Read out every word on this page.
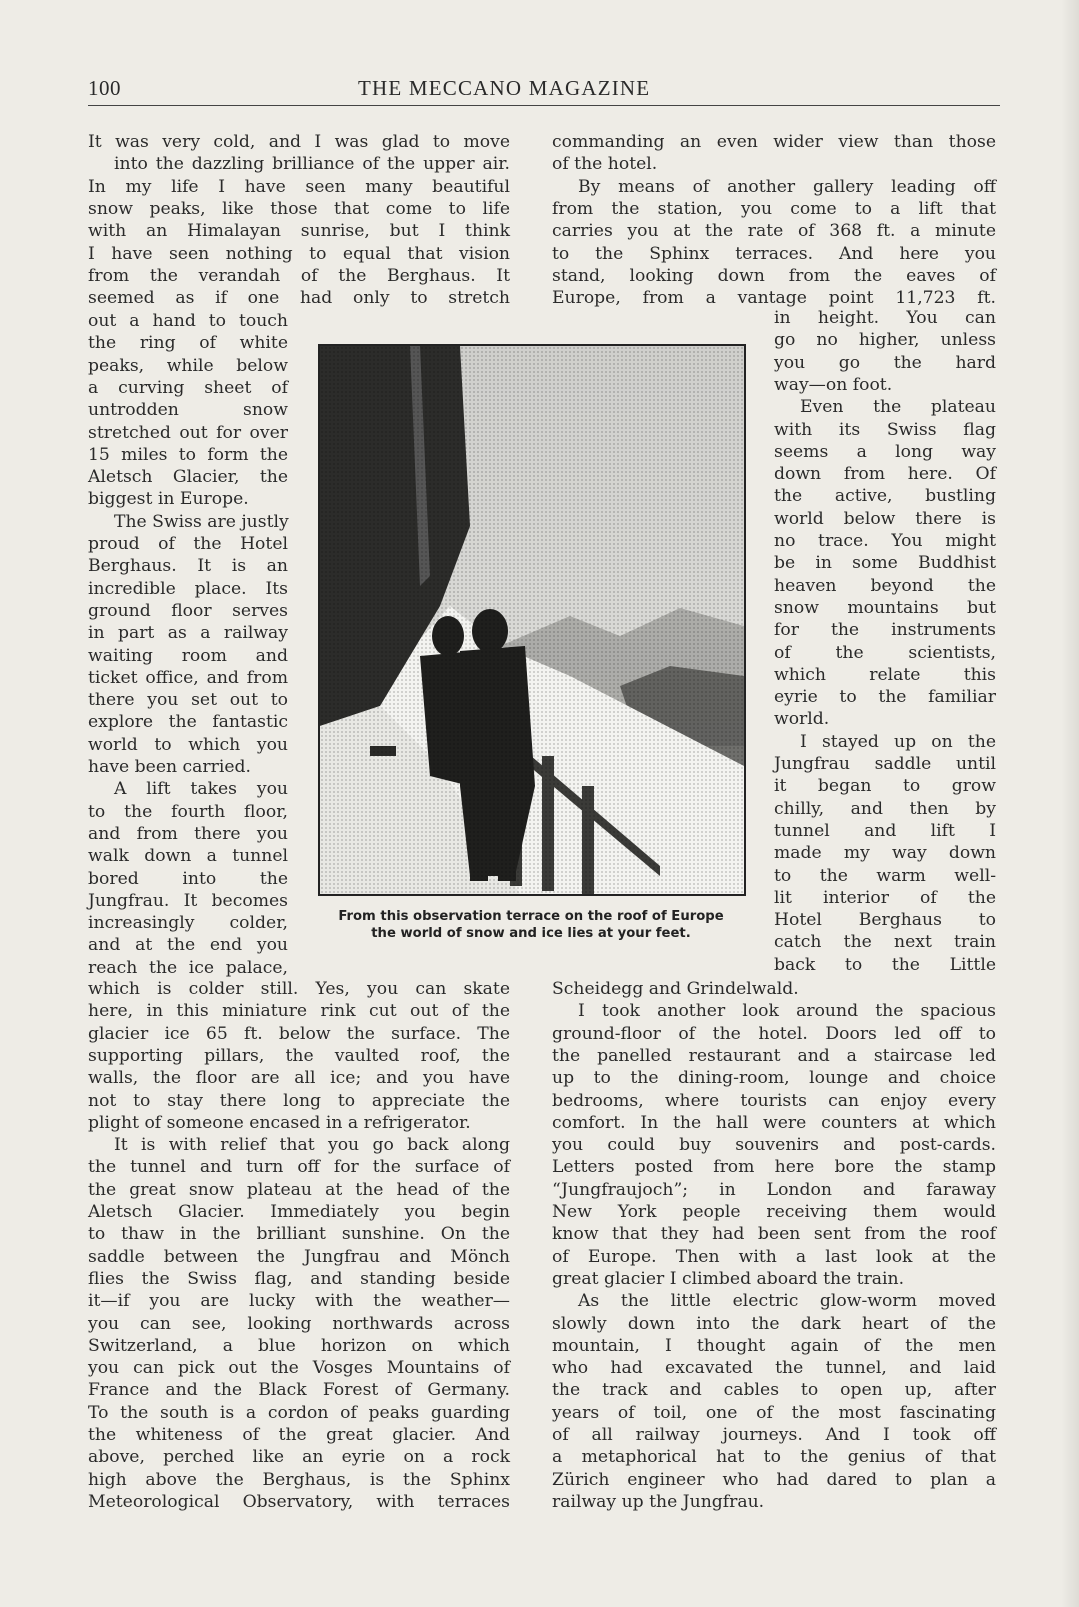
100	THE MECCANO MAGAZINE
It was very cold, and I was glad to move
into the dazzling brilliance of the upper air.
In my life I have seen many beautiful
snow peaks, like those that come to life
with an Himalayan sunrise, but I think
I have seen nothing to equal that vision
from the verandah of the Berghaus. It
seemed as if one had only to stretch
out a hand to touch
the ring of white
peaks, while below
a curving sheet of
untrodden snow
stretched out for over
15 miles to form the
Aletsch Glacier, the
biggest in Europe.
The Swiss are justly
proud of the Hotel
Berghaus. It is an
incredible place. Its
ground floor serves
in part as a railway
waiting room and
ticket office, and from
there you set out to
explore the fantastic
world to which you
have been carried.
A lift takes you
to the fourth floor,
and from there you
walk down a tunnel
bored into the
Jungfrau. It becomes
increasingly colder,
and at the end you
reach the ice palace,
which is colder still. Yes, you can skate
here, in this miniature rink cut out of the
glacier ice 65 ft. below the surface. The
supporting pillars, the vaulted roof, the
walls, the floor are all ice; and you have
not to stay there long to appreciate the
plight of someone encased in a refrigerator.
It is with relief that you go back along
the tunnel and turn off for the surface of
the great snow plateau at the head of the
Aletsch Glacier. Immediately you begin
to thaw in the brilliant sunshine. On the
saddle between the Jungfrau and Mönch
flies the Swiss flag, and standing beside
it—if you are lucky with the weather—
you can see, looking northwards across
Switzerland, a blue horizon on which
you can pick out the Vosges Mountains of
France and the Black Forest of Germany.
To the south is a cordon of peaks guarding
the whiteness of the great glacier. And
above, perched like an eyrie on a rock
high above the Berghaus, is the Sphinx
Meteorological Observatory, with terraces
commanding an even wider view than those
of the hotel.
By means of another gallery leading off
from the station, you come to a lift that
carries you at the rate of 368 ft. a minute
to the Sphinx terraces. And here you
stand, looking down from the eaves of
Europe, from a vantage point 11,723 ft.
in height. You can
go no higher, unless
you go the hard
way—on foot.
Even the plateau
with its Swiss flag
seems a long way
down from here. Of
the active, bustling
world below there is
no trace. You might
be in some Buddhist
heaven beyond the
snow mountains but
for the instruments
of the scientists,
which relate this
eyrie to the familiar
world.
I stayed up on the
Jungfrau saddle until
it began to grow
chilly, and then by
tunnel and lift I
made my way down
to the warm well-
lit interior of the
Hotel Berghaus to
catch the next train
back to the Little
Scheidegg and Grindelwald.
I took another look around the spacious
ground-floor of the hotel. Doors led off to
the panelled restaurant and a staircase led
up to the dining-room, lounge and choice
bedrooms, where tourists can enjoy every
comfort. In the hall were counters at which
you could buy souvenirs and post-cards.
Letters posted from here bore the stamp
“Jungfraujoch”; in London and faraway
New York people receiving them would
know that they had been sent from the roof
of Europe. Then with a last look at the
great glacier I climbed aboard the train.
As the little electric glow-worm moved
slowly down into the dark heart of the
mountain, I thought again of the men
who had excavated the tunnel, and laid
the track and cables to open up, after
years of toil, one of the most fascinating
of all railway journeys. And I took off
a metaphorical hat to the genius of that
Zürich engineer who had dared to plan a
railway up the Jungfrau.
From this observation terrace on the roof of Europe
the world of snow and ice lies at your feet.
